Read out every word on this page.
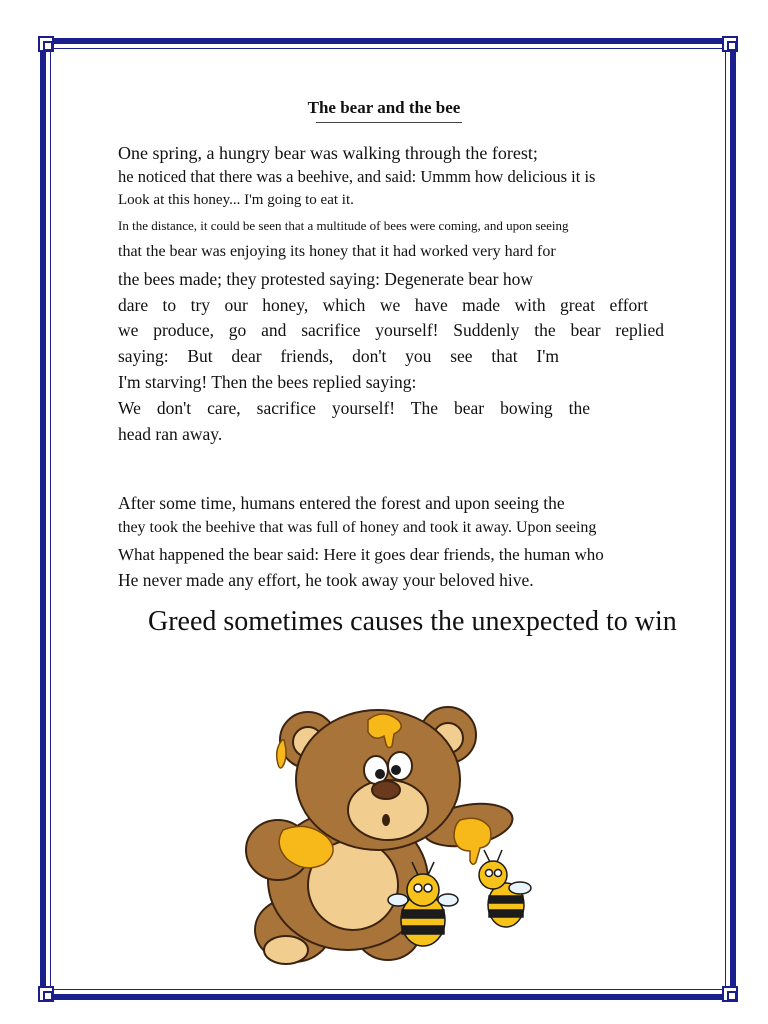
The bear and the bee
One spring, a hungry bear was walking through the forest;
he noticed that there was a beehive, and said: Ummm how delicious it is
Look at this honey... I'm going to eat it.
In the distance, it could be seen that a multitude of bees were coming, and upon seeing
that the bear was enjoying its honey that it had worked very hard for
the bees made; they protested saying: Degenerate bear how
dare to try our honey, which we have made with great effort
we produce, go and sacrifice yourself! Suddenly the bear replied
saying: But dear friends, don't you see that I'm
I'm starving! Then the bees replied saying:
We don't care, sacrifice yourself! The bear bowing the
head ran away.
After some time, humans entered the forest and upon seeing the
they took the beehive that was full of honey and took it away. Upon seeing
What happened the bear said: Here it goes dear friends, the human who
He never made any effort, he took away your beloved hive.
Greed sometimes causes the unexpected to win
